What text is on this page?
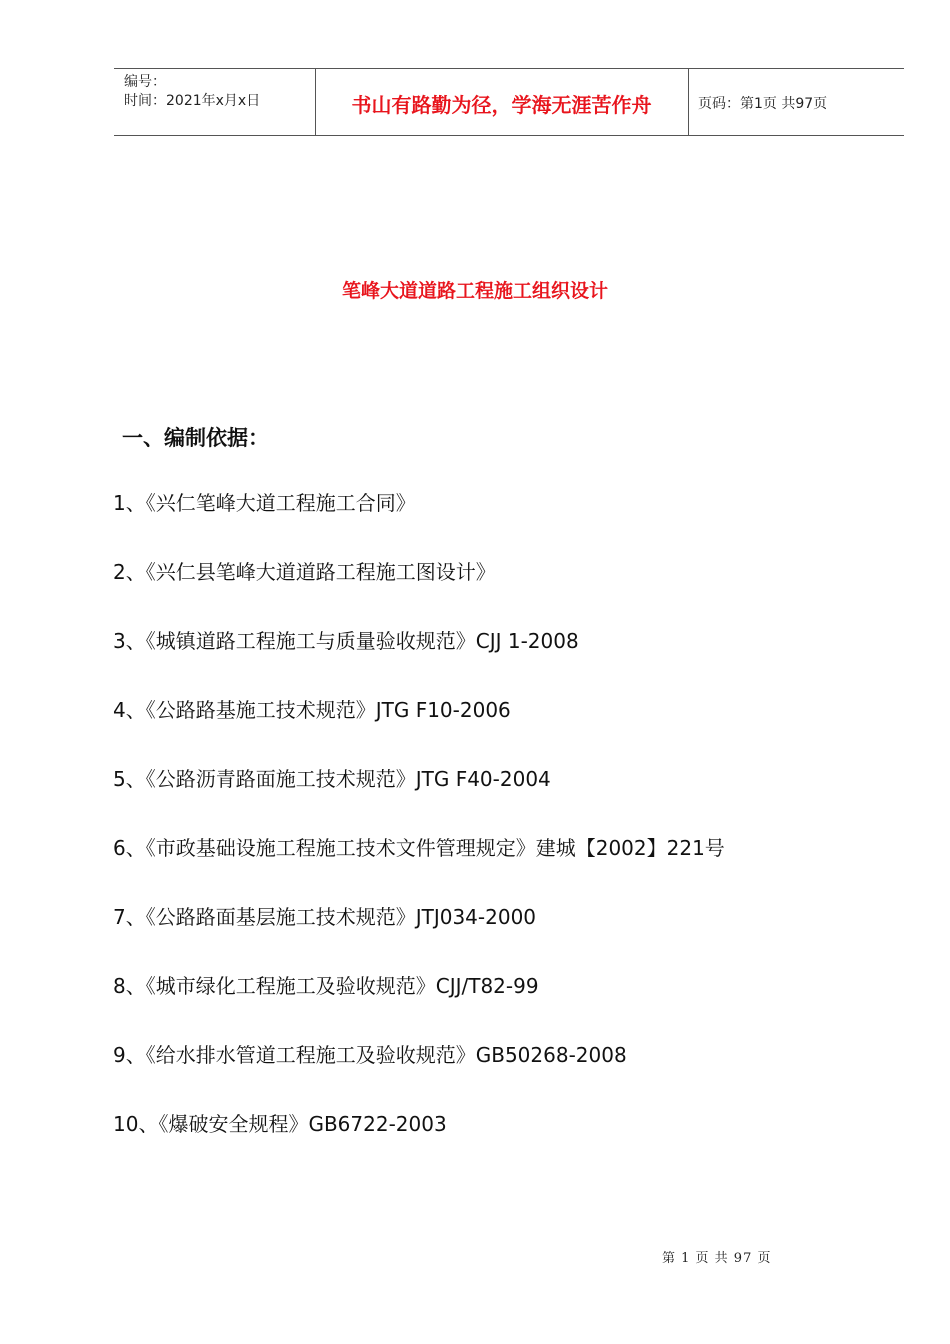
编号：
时间：2021年x月x日	书山有路勤为径，学海无涯苦作舟	页码：第1页 共97页
笔峰大道道路工程施工组织设计
一、编制依据：
1、《兴仁笔峰大道工程施工合同》
2、《兴仁县笔峰大道道路工程施工图设计》
3、《城镇道路工程施工与质量验收规范》CJJ 1-2008
4、《公路路基施工技术规范》JTG F10-2006
5、《公路沥青路面施工技术规范》JTG F40-2004
6、《市政基础设施工程施工技术文件管理规定》建城【2002】221号
7、《公路路面基层施工技术规范》JTJ034-2000
8、《城市绿化工程施工及验收规范》CJJ/T82-99
9、《给水排水管道工程施工及验收规范》GB50268-2008
10、《爆破安全规程》GB6722-2003
第 1 页 共 97 页
